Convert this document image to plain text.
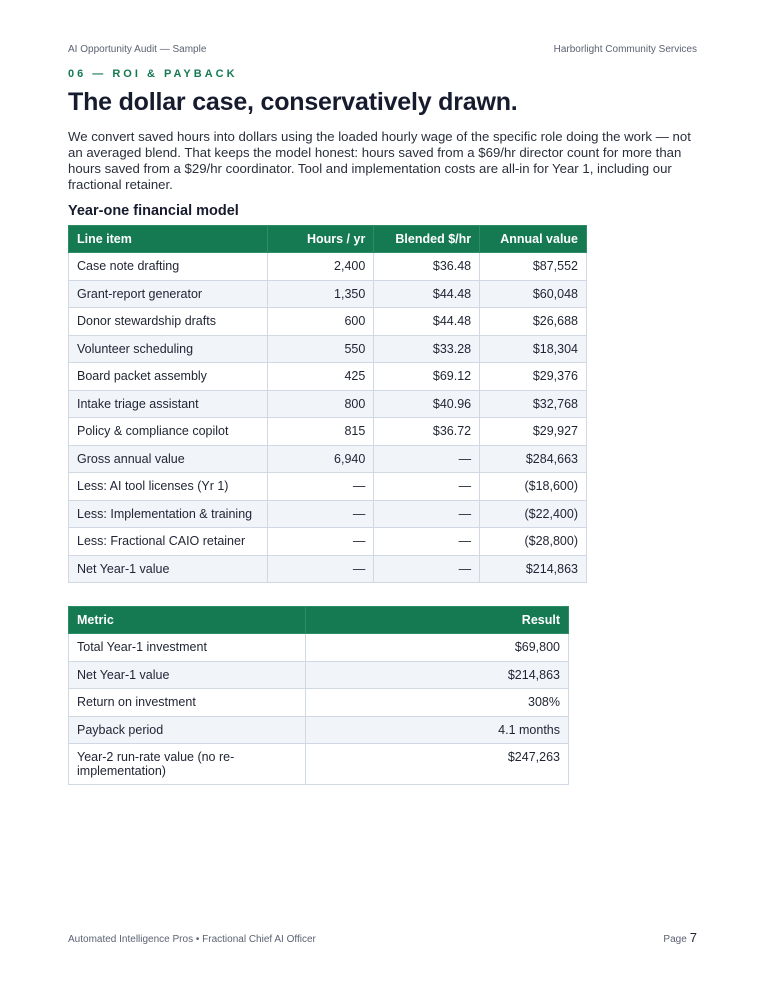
AI Opportunity Audit — Sample	Harborlight Community Services
06 — ROI & PAYBACK
The dollar case, conservatively drawn.

We convert saved hours into dollars using the loaded hourly wage of the specific role doing the work — not an averaged blend. That keeps the model honest: hours saved from a $69/hr director count for more than hours saved from a $29/hr coordinator. Tool and implementation costs are all-in for Year 1, including our fractional retainer.

Year-one financial model
Line item	Hours / yr	Blended $/hr	Annual value
Case note drafting	2,400	$36.48	$87,552
Grant-report generator	1,350	$44.48	$60,048
Donor stewardship drafts	600	$44.48	$26,688
Volunteer scheduling	550	$33.28	$18,304
Board packet assembly	425	$69.12	$29,376
Intake triage assistant	800	$40.96	$32,768
Policy & compliance copilot	815	$36.72	$29,927
Gross annual value	6,940	—	$284,663
Less: AI tool licenses (Yr 1)	—	—	($18,600)
Less: Implementation & training	—	—	($22,400)
Less: Fractional CAIO retainer	—	—	($28,800)
Net Year-1 value	—	—	$214,863
Metric	Result
Total Year-1 investment	$69,800
Net Year-1 value	$214,863
Return on investment	308%
Payback period	4.1 months
Year-2 run-rate value (no re-implementation)	$247,263
Automated Intelligence Pros • Fractional Chief AI Officer	Page 7
